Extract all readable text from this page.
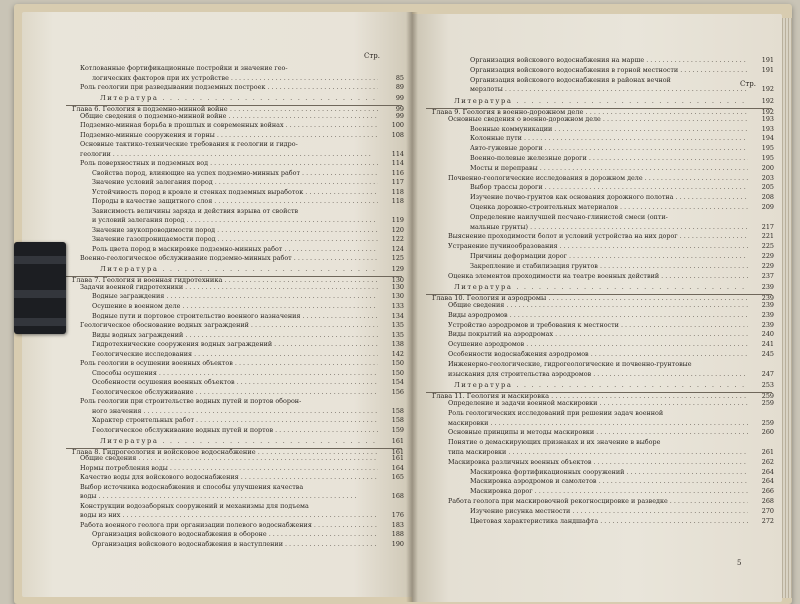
Стр.
Котлованные фортификационные постройки и значение гео-
логических факторов при их устройстве . . .	85
Роль геологии при разведывании подземных построек . . .	89
Литература . . .	99
Глава 6. Геология в подземно-минной войне . . .	99
Общие сведения о подземно-минной войне . . .	99
Подземно-минная борьба в прошлых и современных войнах . . .	100
Подземно-минные сооружения и горны . . .	108
Основные тактико-технические требования к геологии и гидро-
геологии . . .	114
Роль поверхностных и подземных вод . . .	114
Свойства пород, влияющие на успех подземно-минных работ . . .	116
Значение условий залегания пород . . .	117
Устойчивость пород в кровле и стенках подземных выработок . . .	118
Породы в качестве защитного слоя . . .	118
Зависимость величины заряда и действия взрыва от свойств
и условий залегания пород . . .	119
Значение звукопроводимости пород . . .	120
Значение газопроницаемости пород . . .	122
Роль цвета пород в маскировке подземно-минных работ . . .	124
Военно-геологическое обслуживание подземно-минных работ . . .	125
Литература . . .	129
Глава 7. Геология и военная гидротехника . . .	130
Задачи военной гидротехники . . .	130
Водные заграждения . . .	130
Осушение в военном деле . . .	133
Водные пути и портовое строительство военного назначения . . .	134
Геологическое обоснование водных заграждений . . .	135
Виды водных заграждений . . .	135
Гидротехнические сооружения водных заграждений . . .	138
Геологические исследования . . .	142
Роль геологии в осушении военных объектов . . .	150
Способы осушения . . .	150
Особенности осушения военных объектов . . .	154
Геологическое обслуживание . . .	156
Роль геологии при строительстве водных путей и портов оборон-
ного значения . . .	158
Характер строительных работ . . .	158
Геологическое обслуживание водных путей и портов . . .	159
Литература . . .	161
Глава 8. Гидрогеология и войсковое водоснабжение . . .	161
Общие сведения . . .	161
Нормы потребления воды . . .	164
Качество воды для войскового водоснабжения . . .	165
Выбор источника водоснабжения и способы улучшения качества
воды . . .	168
Конструкции водозаборных сооружений и механизмы для подъема
воды из них . . .	176
Работа военного геолога при организации полевого водоснабжения . . .	183
Организация войскового водоснабжения в обороне . . .	188
Организация войскового водоснабжения в наступлении . . .	190
Стр.
Организация войскового водоснабжения на марше . . .	191
Организация войскового водоснабжения в горной местности . . .	191
Организация войскового водоснабжения в районах вечной
мерзлоты . . .	192
Литература . . .	192
Глава 9. Геология в военно-дорожном деле . . .	192
Основные сведения о военно-дорожном деле . . .	193
Военные коммуникации . . .	193
Колонные пути . . .	194
Авто-гужевые дороги . . .	195
Военно-полевые железные дороги . . .	195
Мосты и переправы . . .	200
Почвенно-геологические исследования в дорожном деле . . .	203
Выбор трассы дороги . . .	205
Изучение почво-грунтов как основания дорожного полотна . . .	208
Оценка дорожно-строительных материалов . . .	209
Определение наилучшей песчано-глинистой смеси (опти-
мальные грунты) . . .	217
Выяснение проходимости болот и условий устройства на них дорог . . .	221
Устранение пучинообразования . . .	225
Причины деформации дорог . . .	229
Закрепление и стабилизация грунтов . . .	229
Оценка элементов проходимости на театре военных действий . . .	237
Литература . . .	239
Глава 10. Геология и аэродромы . . .	239
Общие сведения . . .	239
Виды аэродромов . . .	239
Устройство аэродромов и требования к местности . . .	239
Виды покрытий на аэродромах . . .	240
Осушение аэродромов . . .	241
Особенности водоснабжения аэродромов . . .	245
Инженерно-геологические, гидрогеологические и почвенно-грунтовые
изыскания для строительства аэродромов . . .	247
Литература . . .	253
Глава 11. Геология и маскировка . . .	259
Определение и задачи военной маскировки . . .	259
Роль геологических исследований при решении задач военной
маскировки . . .	259
Основные принципы и методы маскировки . . .	260
Понятие о демаскирующих признаках и их значение в выборе
типа маскировки . . .	261
Маскировка различных военных объектов . . .	262
Маскировка фортификационных сооружений . . .	264
Маскировка аэродромов и самолетов . . .	264
Маскировка дорог . . .	266
Работа геолога при маскировочной рекогносцировке и разведке . . .	268
Изучение рисунка местности . . .	270
Цветовая характеристика ландшафта . . .	272
5
